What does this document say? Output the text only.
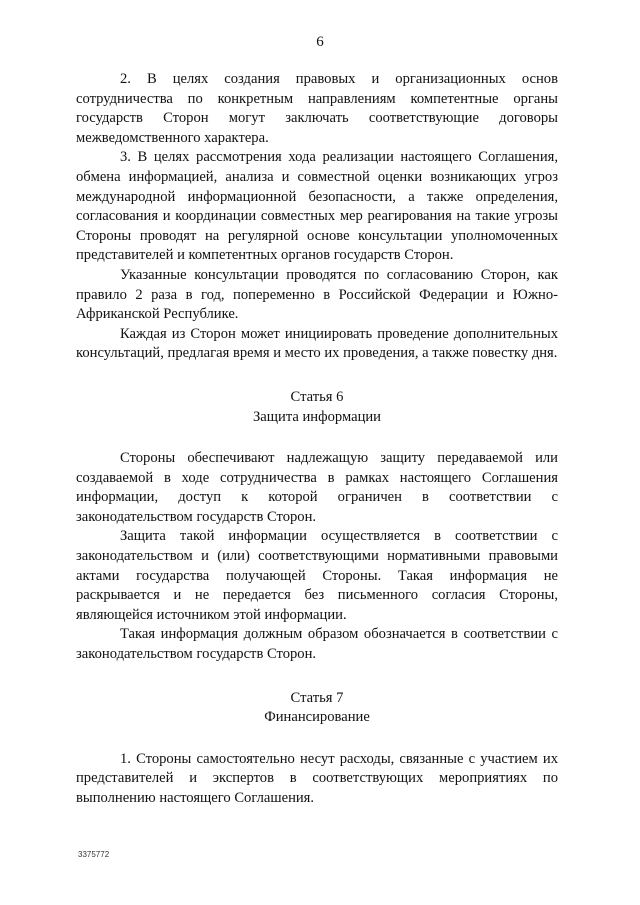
6

2. В целях создания правовых и организационных основ сотрудничества по конкретным направлениям компетентные органы государств Сторон могут заключать соответствующие договоры межведомственного характера.

3. В целях рассмотрения хода реализации настоящего Соглашения, обмена информацией, анализа и совместной оценки возникающих угроз международной информационной безопасности, а также определения, согласования и координации совместных мер реагирования на такие угрозы Стороны проводят на регулярной основе консультации уполномоченных представителей и компетентных органов государств Сторон.

Указанные консультации проводятся по согласованию Сторон, как правило 2 раза в год, попеременно в Российской Федерации и Южно-Африканской Республике.

Каждая из Сторон может инициировать проведение дополнительных консультаций, предлагая время и место их проведения, а также повестку дня.

Статья 6

Защита информации

Стороны обеспечивают надлежащую защиту передаваемой или создаваемой в ходе сотрудничества в рамках настоящего Соглашения информации, доступ к которой ограничен в соответствии с законодательством государств Сторон.

Защита такой информации осуществляется в соответствии с законодательством и (или) соответствующими нормативными правовыми актами государства получающей Стороны. Такая информация не раскрывается и не передается без письменного согласия Стороны, являющейся источником этой информации.

Такая информация должным образом обозначается в соответствии с законодательством государств Сторон.

Статья 7

Финансирование

1. Стороны самостоятельно несут расходы, связанные с участием их представителей и экспертов в соответствующих мероприятиях по выполнению настоящего Соглашения.

3375772
